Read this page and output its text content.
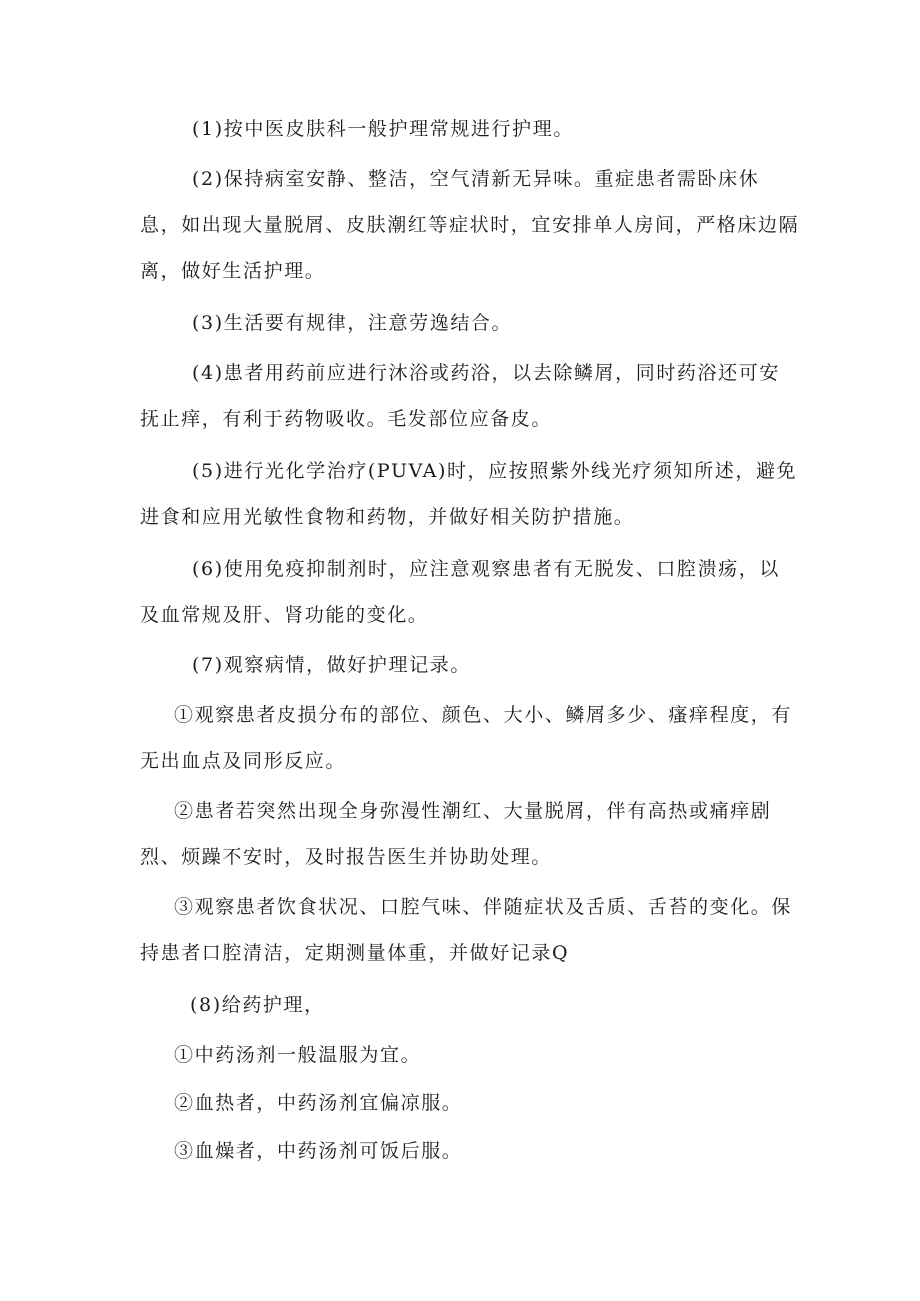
(1)按中医皮肤科一般护理常规进行护理。

(2)保持病室安静、整洁，空气清新无异味。重症患者需卧床休息，如出现大量脱屑、皮肤潮红等症状时，宜安排单人房间，严格床边隔离，做好生活护理。

(3)生活要有规律，注意劳逸结合。

(4)患者用药前应进行沐浴或药浴，以去除鳞屑，同时药浴还可安抚止痒，有利于药物吸收。毛发部位应备皮。

(5)进行光化学治疗(PUVA)时，应按照紫外线光疗须知所述，避免进食和应用光敏性食物和药物，并做好相关防护措施。

(6)使用免疫抑制剂时，应注意观察患者有无脱发、口腔溃疡，以及血常规及肝、肾功能的变化。

(7)观察病情，做好护理记录。

①观察患者皮损分布的部位、颜色、大小、鳞屑多少、瘙痒程度，有无出血点及同形反应。

②患者若突然出现全身弥漫性潮红、大量脱屑，伴有高热或痛痒剧烈、烦躁不安时，及时报告医生并协助处理。

③观察患者饮食状况、口腔气味、伴随症状及舌质、舌苔的变化。保持患者口腔清洁，定期测量体重，并做好记录Q

(8)给药护理，

①中药汤剂一般温服为宜。

②血热者，中药汤剂宜偏凉服。

③血燥者，中药汤剂可饭后服。
